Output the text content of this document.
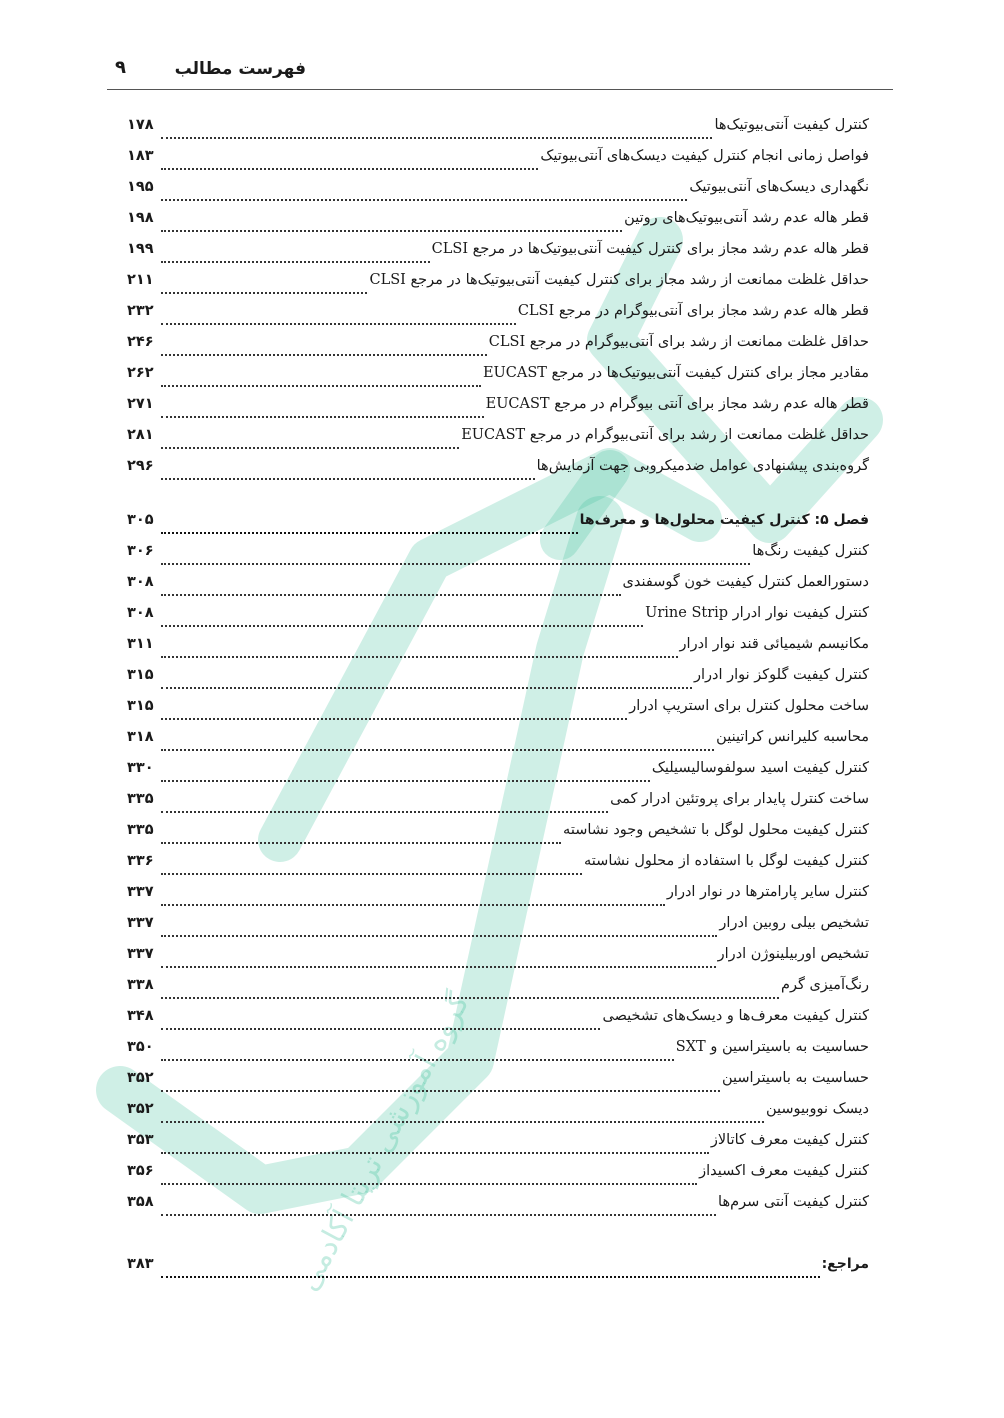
گروه آموزشی تریتا آکادمی
فهرست مطالب
۹
کنترل کیفیت آنتی‌بیوتیک‌ها
۱۷۸
فواصل زمانی انجام کنترل کیفیت دیسک‌های آنتی‌بیوتیک
۱۸۳
نگهداری دیسک‌های آنتی‌بیوتیک
۱۹۵
قطر هاله عدم رشد آنتی‌بیوتیک‌های روتین
۱۹۸
قطر هاله عدم رشد مجاز برای کنترل کیفیت آنتی‌بیوتیک‌ها در مرجع CLSI
۱۹۹
حداقل غلظت ممانعت از رشد مجاز برای کنترل کیفیت آنتی‌بیوتیک‌ها در مرجع CLSI
۲۱۱
قطر هاله عدم رشد مجاز برای آنتی‌بیوگرام در مرجع CLSI
۲۳۲
حداقل غلظت ممانعت از رشد برای آنتی‌بیوگرام در مرجع CLSI
۲۴۶
مقادیر مجاز برای کنترل کیفیت آنتی‌بیوتیک‌ها در مرجع EUCAST
۲۶۲
قطر هاله عدم رشد مجاز برای آنتی بیوگرام در مرجع EUCAST
۲۷۱
حداقل غلظت ممانعت از رشد برای آنتی‌بیوگرام در مرجع EUCAST
۲۸۱
گروه‌بندی پیشنهادی عوامل ضدمیکروبی جهت آزمایش‌ها
۲۹۶
فصل ۵: کنترل کیفیت محلول‌ها و معرف‌ها
۳۰۵
کنترل کیفیت رنگ‌ها
۳۰۶
دستورالعمل کنترل کیفیت خون گوسفندی
۳۰۸
کنترل کیفیت نوار ادرار Urine Strip
۳۰۸
مکانیسم شیمیائی قند نوار ادرار
۳۱۱
کنترل کیفیت گلوکز نوار ادرار
۳۱۵
ساخت محلول کنترل برای استریپ ادرار
۳۱۵
محاسبه کلیرانس کراتینین
۳۱۸
کنترل کیفیت اسید سولفوسالیسیلیک
۳۳۰
ساخت کنترل پایدار برای پروتئین ادرار کمی
۳۳۵
کنترل کیفیت محلول لوگل با تشخیص وجود نشاسته
۳۳۵
کنترل کیفیت لوگل با استفاده از محلول نشاسته
۳۳۶
کنترل سایر پارامترها در نوار ادرار
۳۳۷
تشخیص بیلی روبین ادرار
۳۳۷
تشخیص اوربیلینوژن ادرار
۳۳۷
رنگ‌آمیزی گرم
۳۳۸
کنترل کیفیت معرف‌ها و دیسک‌های تشخیصی
۳۴۸
حساسیت به باسیتراسین و SXT
۳۵۰
حساسیت به باسیتراسین
۳۵۲
دیسک نووبیوسین
۳۵۲
کنترل کیفیت معرف کاتالاز
۳۵۳
کنترل کیفیت معرف اکسیداز
۳۵۶
کنترل کیفیت آنتی سرم‌ها
۳۵۸
مراجع:
۳۸۳
